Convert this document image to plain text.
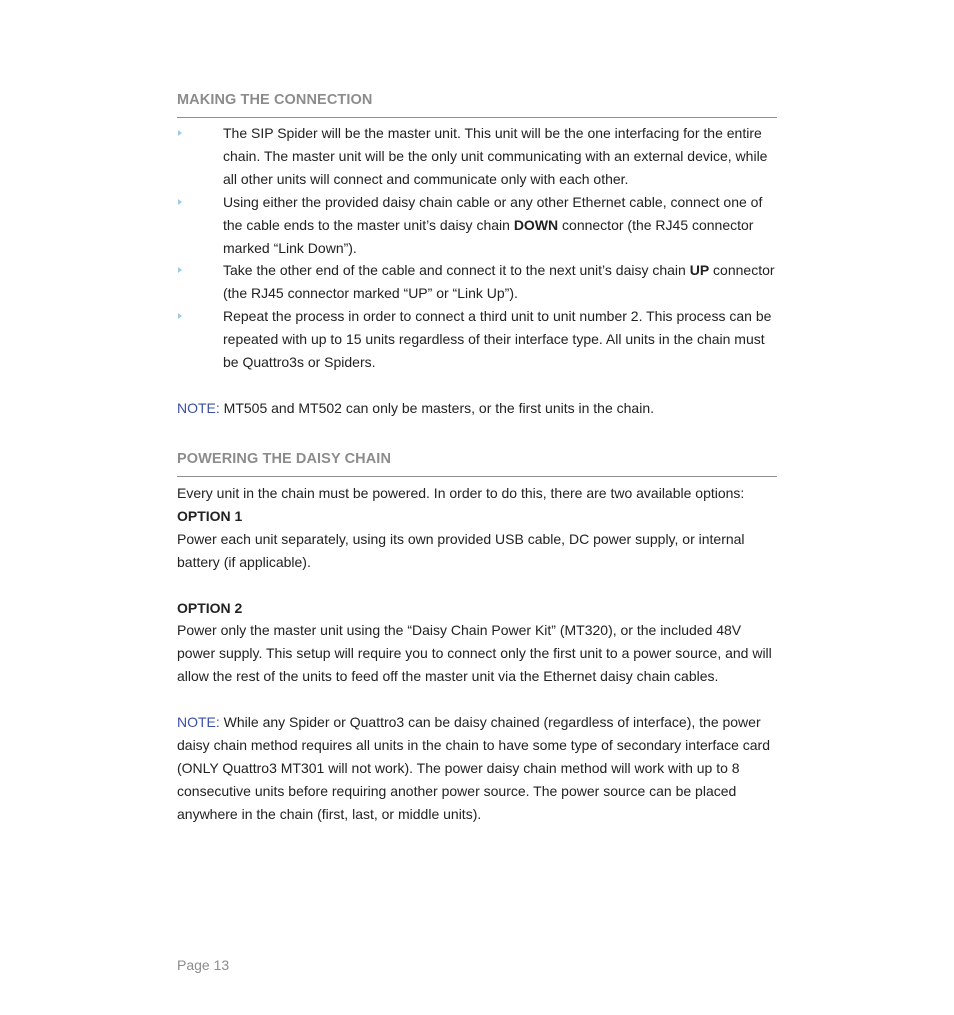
MAKING THE CONNECTION
The SIP Spider will be the master unit. This unit will be the one interfacing for the entire chain. The master unit will be the only unit communicating with an external device, while all other units will connect and communicate only with each other.
Using either the provided daisy chain cable or any other Ethernet cable, connect one of the cable ends to the master unit’s daisy chain DOWN connector (the RJ45 connector marked “Link Down”).
Take the other end of the cable and connect it to the next unit’s daisy chain UP connector (the RJ45 connector marked “UP” or “Link Up”).
Repeat the process in order to connect a third unit to unit number 2. This process can be repeated with up to 15 units regardless of their interface type. All units in the chain must be Quattro3s or Spiders.

NOTE: MT505 and MT502 can only be masters, or the first units in the chain.

POWERING THE DAISY CHAIN

Every unit in the chain must be powered. In order to do this, there are two available options:

OPTION 1

Power each unit separately, using its own provided USB cable, DC power supply, or internal battery (if applicable).

OPTION 2

Power only the master unit using the “Daisy Chain Power Kit” (MT320), or the included 48V power supply. This setup will require you to connect only the first unit to a power source, and will allow the rest of the units to feed off the master unit via the Ethernet daisy chain cables.

NOTE: While any Spider or Quattro3 can be daisy chained (regardless of interface), the power daisy chain method requires all units in the chain to have some type of secondary interface card (ONLY Quattro3 MT301 will not work). The power daisy chain method will work with up to 8 consecutive units before requiring another power source. The power source can be placed anywhere in the chain (first, last, or middle units).

Page 13
